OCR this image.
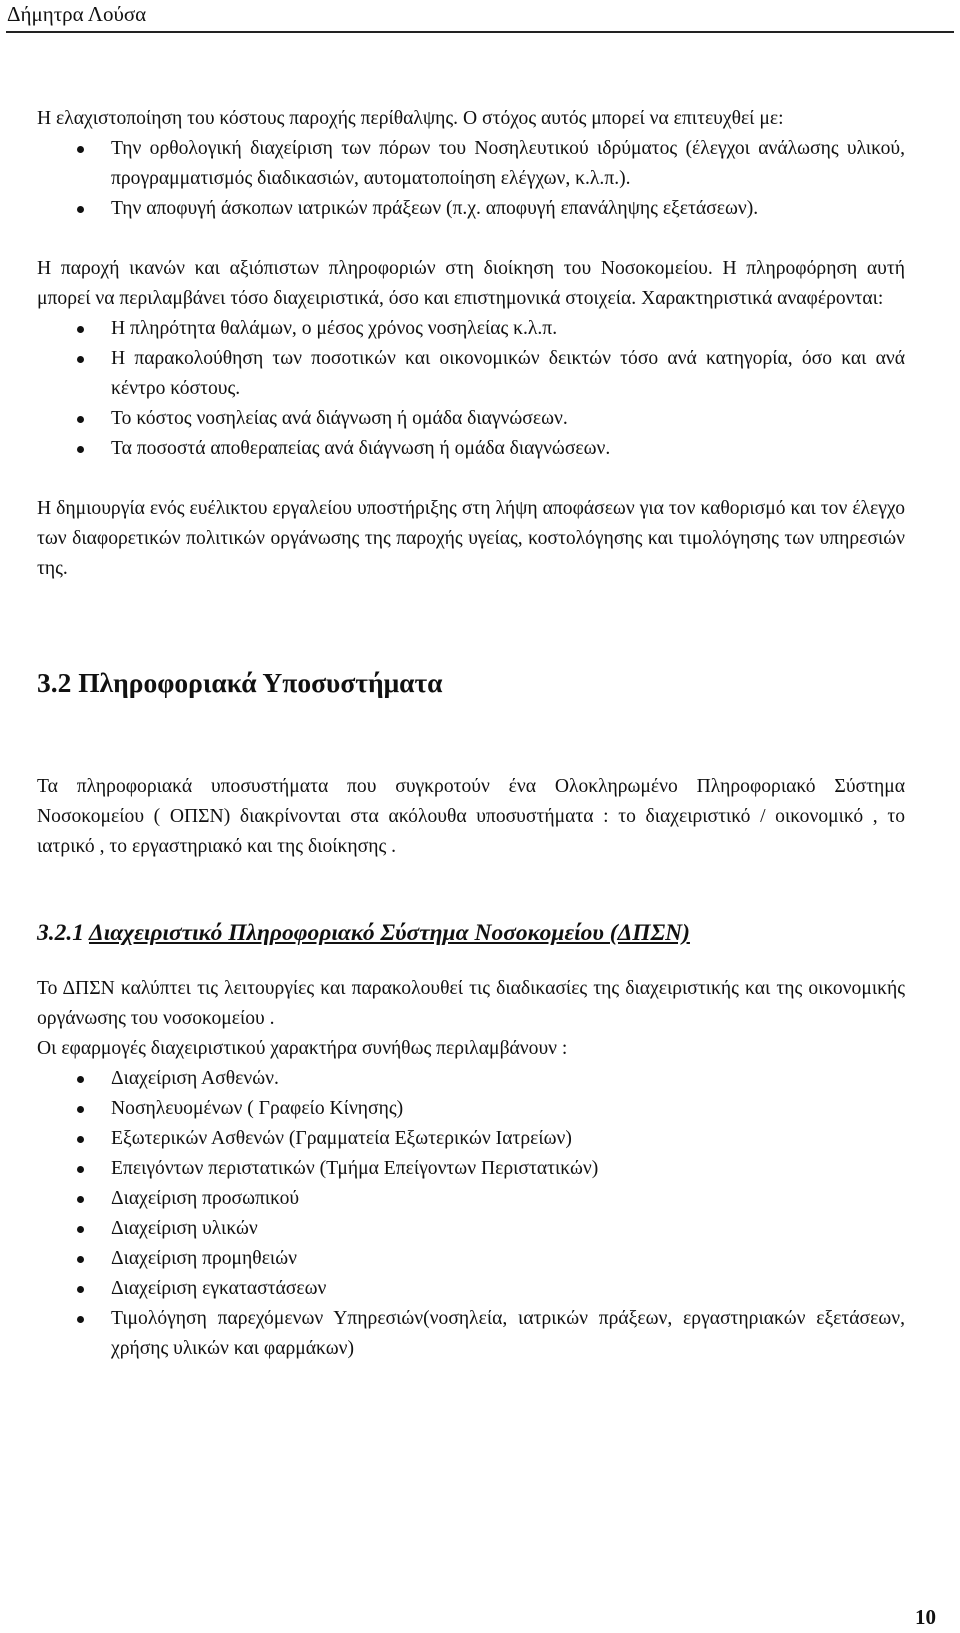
Δήμητρα Λούσα

Η ελαχιστοποίηση του κόστους παροχής περίθαλψης. Ο στόχος αυτός μπορεί να επιτευχθεί με:

Την ορθολογική διαχείριση των πόρων του Νοσηλευτικού ιδρύματος (έλεγχοι ανάλωσης υλικού, προγραμματισμός διαδικασιών, αυτοματοποίηση ελέγχων, κ.λ.π.).
Την αποφυγή άσκοπων ιατρικών πράξεων (π.χ. αποφυγή επανάληψης εξετάσεων).

Η παροχή ικανών και αξιόπιστων πληροφοριών στη διοίκηση του Νοσοκομείου. Η πληροφόρηση αυτή μπορεί να περιλαμβάνει τόσο διαχειριστικά, όσο και επιστημονικά στοιχεία. Χαρακτηριστικά αναφέρονται:

Η πληρότητα θαλάμων, ο μέσος χρόνος νοσηλείας κ.λ.π.
Η παρακολούθηση των ποσοτικών και οικονομικών δεικτών τόσο ανά κατηγορία, όσο και ανά κέντρο κόστους.
Το κόστος νοσηλείας ανά διάγνωση ή ομάδα διαγνώσεων.
Τα ποσοστά αποθεραπείας ανά διάγνωση ή ομάδα διαγνώσεων.

Η δημιουργία ενός ευέλικτου εργαλείου υποστήριξης στη λήψη αποφάσεων για τον καθορισμό και τον έλεγχο των διαφορετικών πολιτικών οργάνωσης της παροχής υγείας, κοστολόγησης και τιμολόγησης των υπηρεσιών της.

3.2 Πληροφοριακά Υποσυστήματα

Τα πληροφοριακά υποσυστήματα που συγκροτούν ένα Ολοκληρωμένο Πληροφοριακό Σύστημα Νοσοκομείου ( ΟΠΣΝ) διακρίνονται στα ακόλουθα υποσυστήματα : το διαχειριστικό / οικονομικό , το ιατρικό , το εργαστηριακό και της διοίκησης .

3.2.1 Διαχειριστικό Πληροφοριακό Σύστημα Νοσοκομείου (ΔΠΣΝ)

Το ΔΠΣΝ καλύπτει τις λειτουργίες και παρακολουθεί τις διαδικασίες της διαχειριστικής και της οικονομικής οργάνωσης του νοσοκομείου .

Οι εφαρμογές διαχειριστικού χαρακτήρα συνήθως περιλαμβάνουν :

Διαχείριση Ασθενών.
Νοσηλευομένων ( Γραφείο Κίνησης)
Εξωτερικών Ασθενών (Γραμματεία Εξωτερικών Ιατρείων)
Επειγόντων περιστατικών (Τμήμα Επείγοντων Περιστατικών)
Διαχείριση προσωπικού
Διαχείριση υλικών
Διαχείριση προμηθειών
Διαχείριση εγκαταστάσεων
Τιμολόγηση παρεχόμενων Υπηρεσιών(νοσηλεία, ιατρικών πράξεων, εργαστηριακών εξετάσεων, χρήσης υλικών και φαρμάκων)
10
